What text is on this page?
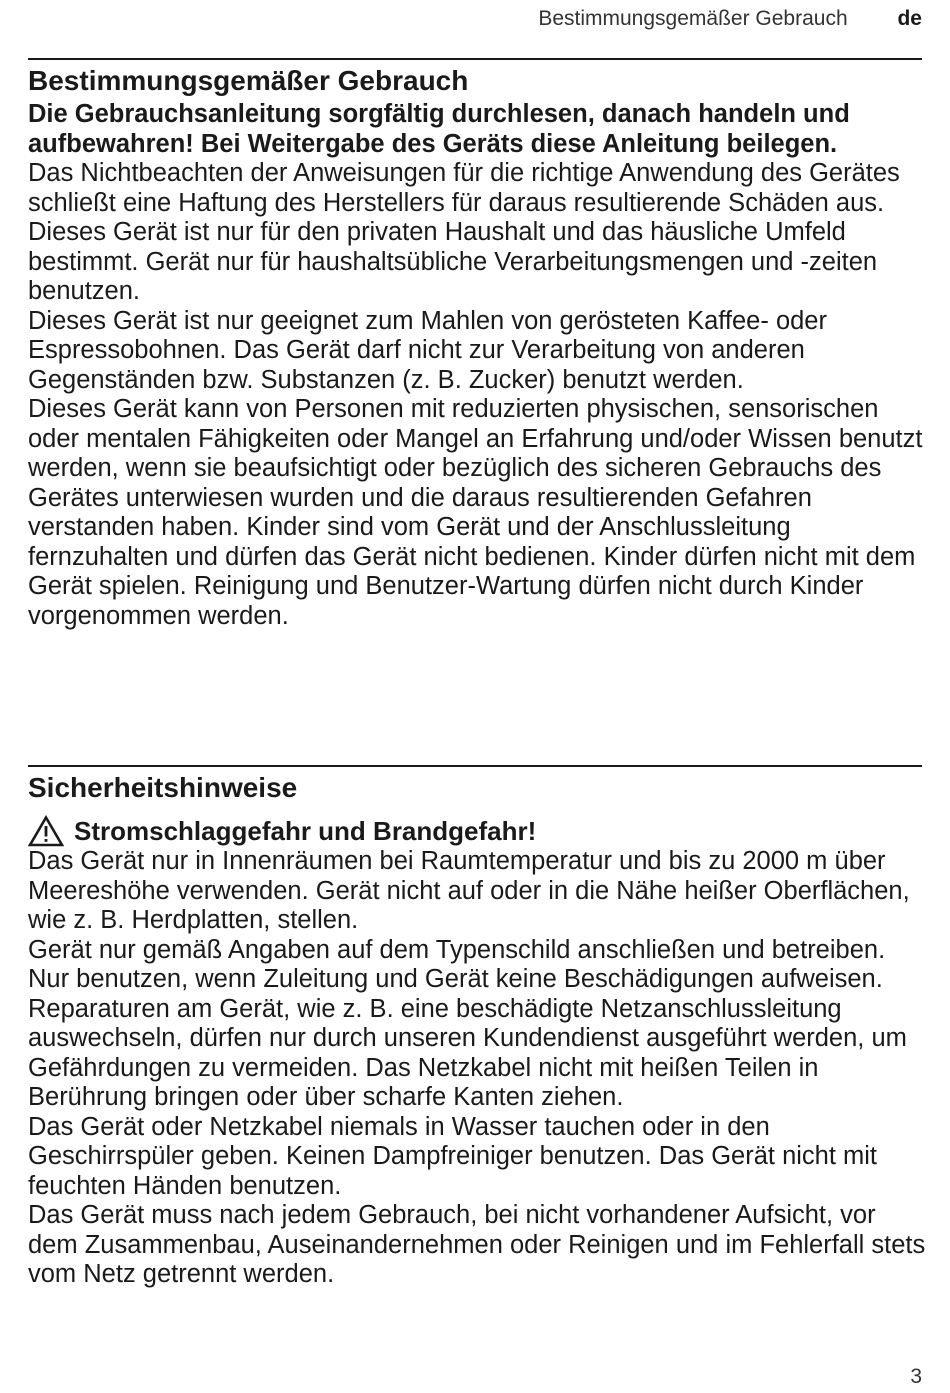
Bestimmungsgemäßer Gebrauch de
Bestimmungsgemäßer Gebrauch

Die Gebrauchsanleitung sorgfältig durchlesen, danach handeln und aufbewahren! Bei Weitergabe des Geräts diese Anleitung beilegen.

Das Nichtbeachten der Anweisungen für die richtige Anwendung des Gerätes schließt eine Haftung des Herstellers für daraus resultierende Schäden aus.

Dieses Gerät ist nur für den privaten Haushalt und das häusliche Umfeld bestimmt. Gerät nur für haushaltsübliche Verarbeitungsmengen und -zeiten benutzen.

Dieses Gerät ist nur geeignet zum Mahlen von gerösteten Kaffee- oder Espressobohnen. Das Gerät darf nicht zur Verarbeitung von anderen Gegenständen bzw. Substanzen (z. B. Zucker) benutzt werden.

Dieses Gerät kann von Personen mit reduzierten physischen, sensorischen oder mentalen Fähigkeiten oder Mangel an Erfahrung und/oder Wissen benutzt werden, wenn sie beaufsichtigt oder bezüglich des sicheren Gebrauchs des Gerätes unterwiesen wurden und die daraus resultierenden Gefahren verstanden haben. Kinder sind vom Gerät und der Anschlussleitung fernzuhalten und dürfen das Gerät nicht bedienen. Kinder dürfen nicht mit dem Gerät spielen. Reinigung und Benutzer-Wartung dürfen nicht durch Kinder vorgenommen werden.

Sicherheitshinweise
Stromschlaggefahr und Brandgefahr!

Das Gerät nur in Innenräumen bei Raumtemperatur und bis zu 2000 m über Meereshöhe verwenden. Gerät nicht auf oder in die Nähe heißer Oberflächen, wie z. B. Herdplatten, stellen.

Gerät nur gemäß Angaben auf dem Typenschild anschließen und betreiben. Nur benutzen, wenn Zuleitung und Gerät keine Beschädigungen aufweisen. Reparaturen am Gerät, wie z. B. eine beschädigte Netzanschlussleitung auswechseln, dürfen nur durch unseren Kundendienst ausgeführt werden, um Gefährdungen zu vermeiden. Das Netzkabel nicht mit heißen Teilen in Berührung bringen oder über scharfe Kanten ziehen.

Das Gerät oder Netzkabel niemals in Wasser tauchen oder in den Geschirrspüler geben. Keinen Dampfreiniger benutzen. Das Gerät nicht mit feuchten Händen benutzen.

Das Gerät muss nach jedem Gebrauch, bei nicht vorhandener Aufsicht, vor dem Zusammenbau, Auseinandernehmen oder Reinigen und im Fehlerfall stets vom Netz getrennt werden.

3
